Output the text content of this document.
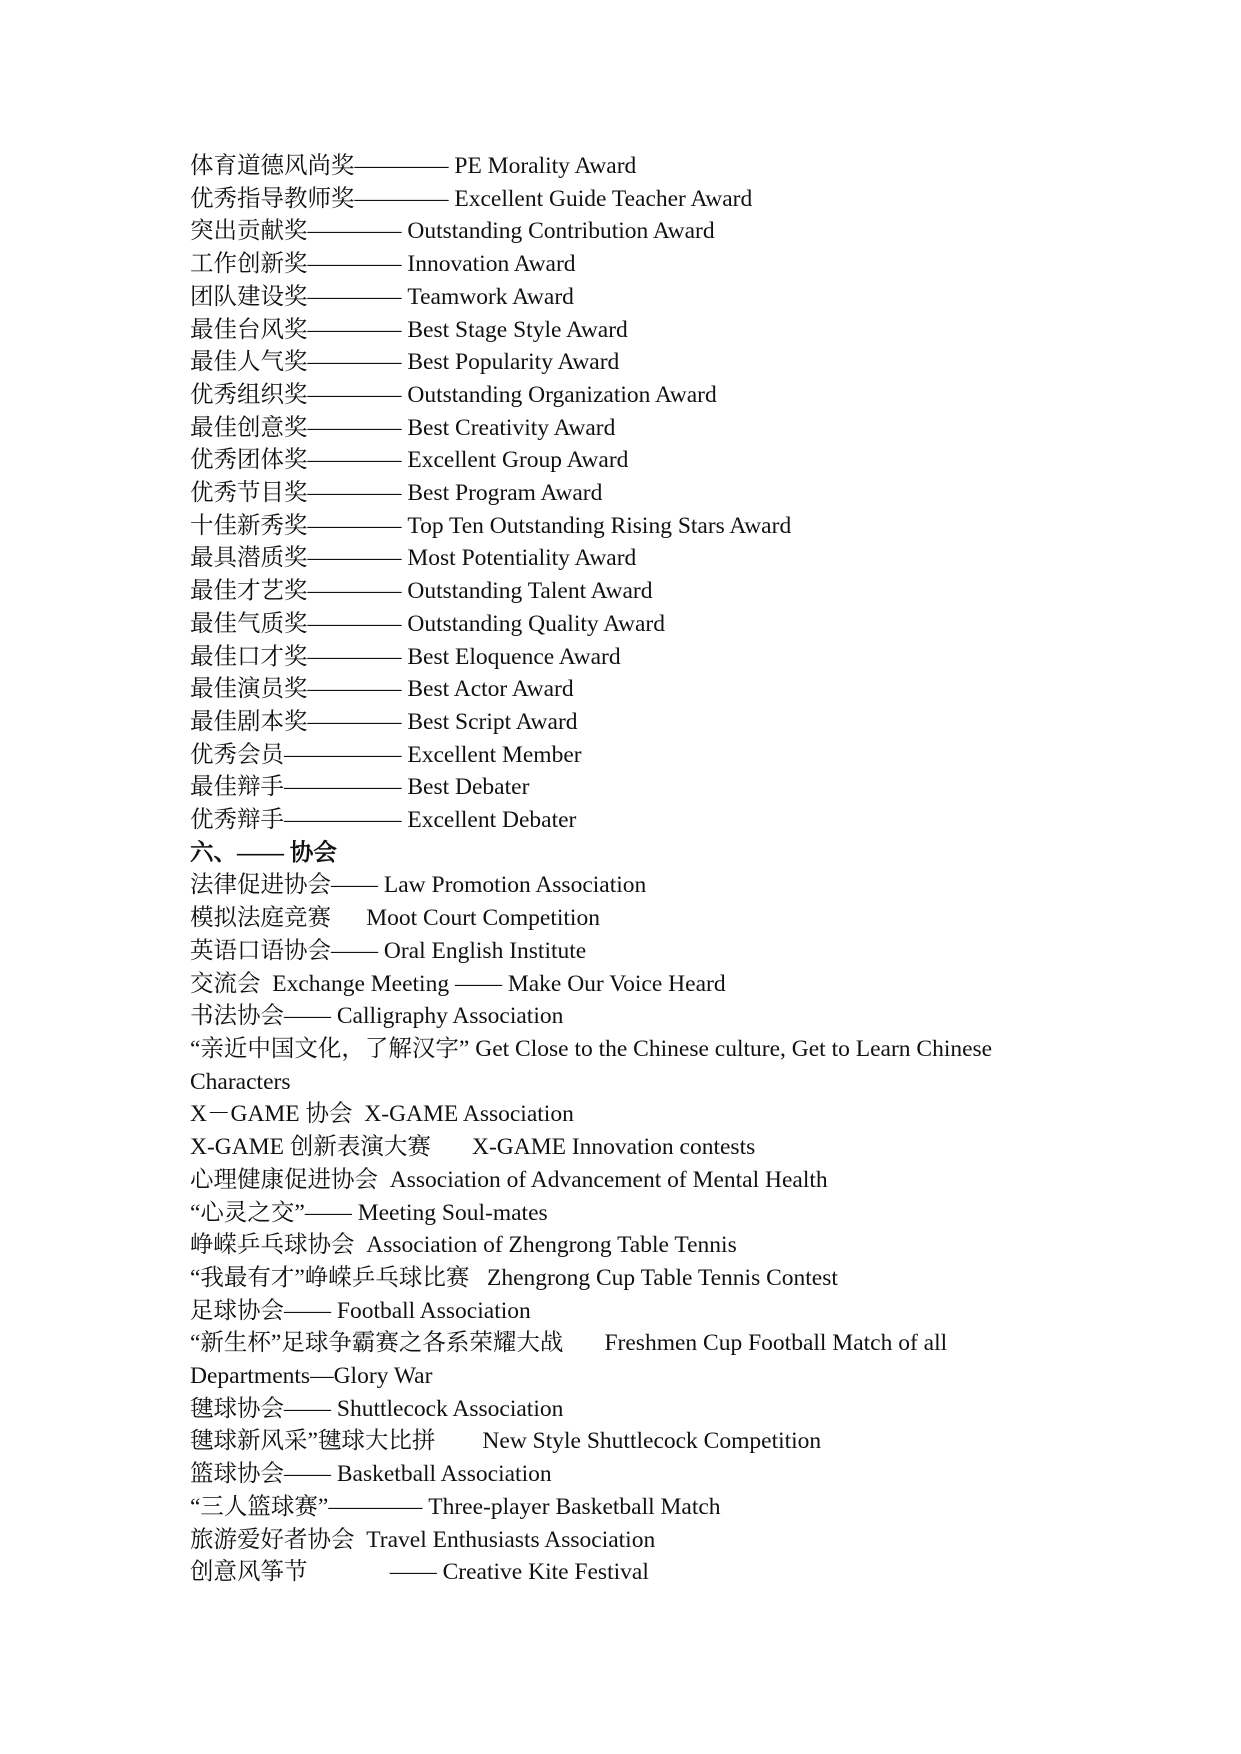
体育道德风尚奖———— PE Morality Award
优秀指导教师奖———— Excellent Guide Teacher Award
突出贡献奖———— Outstanding Contribution Award
工作创新奖———— Innovation Award
团队建设奖———— Teamwork Award
最佳台风奖———— Best Stage Style Award
最佳人气奖———— Best Popularity Award
优秀组织奖———— Outstanding Organization Award
最佳创意奖———— Best Creativity Award
优秀团体奖———— Excellent Group Award
优秀节目奖———— Best Program Award
十佳新秀奖———— Top Ten Outstanding Rising Stars Award
最具潜质奖———— Most Potentiality Award
最佳才艺奖———— Outstanding Talent Award
最佳气质奖———— Outstanding Quality Award
最佳口才奖———— Best Eloquence Award
最佳演员奖———— Best Actor Award
最佳剧本奖———— Best Script Award
优秀会员————— Excellent Member
最佳辩手————— Best Debater
优秀辩手————— Excellent Debater
六、—— 协会
法律促进协会—— Law Promotion Association
模拟法庭竞赛      Moot Court Competition
英语口语协会—— Oral English Institute
交流会  Exchange Meeting —— Make Our Voice Heard
书法协会—— Calligraphy Association
“亲近中国文化，了解汉字” Get Close to the Chinese culture, Get to Learn Chinese Characters
X－GAME 协会  X-GAME Association
X-GAME 创新表演大赛       X-GAME Innovation contests
心理健康促进协会  Association of Advancement of Mental Health
“心灵之交”—— Meeting Soul-mates
峥嵘乒乓球协会  Association of Zhengrong Table Tennis
“我最有才”峥嵘乒乓球比赛   Zhengrong Cup Table Tennis Contest
足球协会—— Football Association
“新生杯”足球争霸赛之各系荣耀大战       Freshmen Cup Football Match of all Departments—Glory War
毽球协会—— Shuttlecock Association
毽球新风采”毽球大比拼        New Style Shuttlecock Competition
篮球协会—— Basketball Association
“三人篮球赛”———— Three-player Basketball Match
旅游爱好者协会  Travel Enthusiasts Association
创意风筝节              —— Creative Kite Festival
